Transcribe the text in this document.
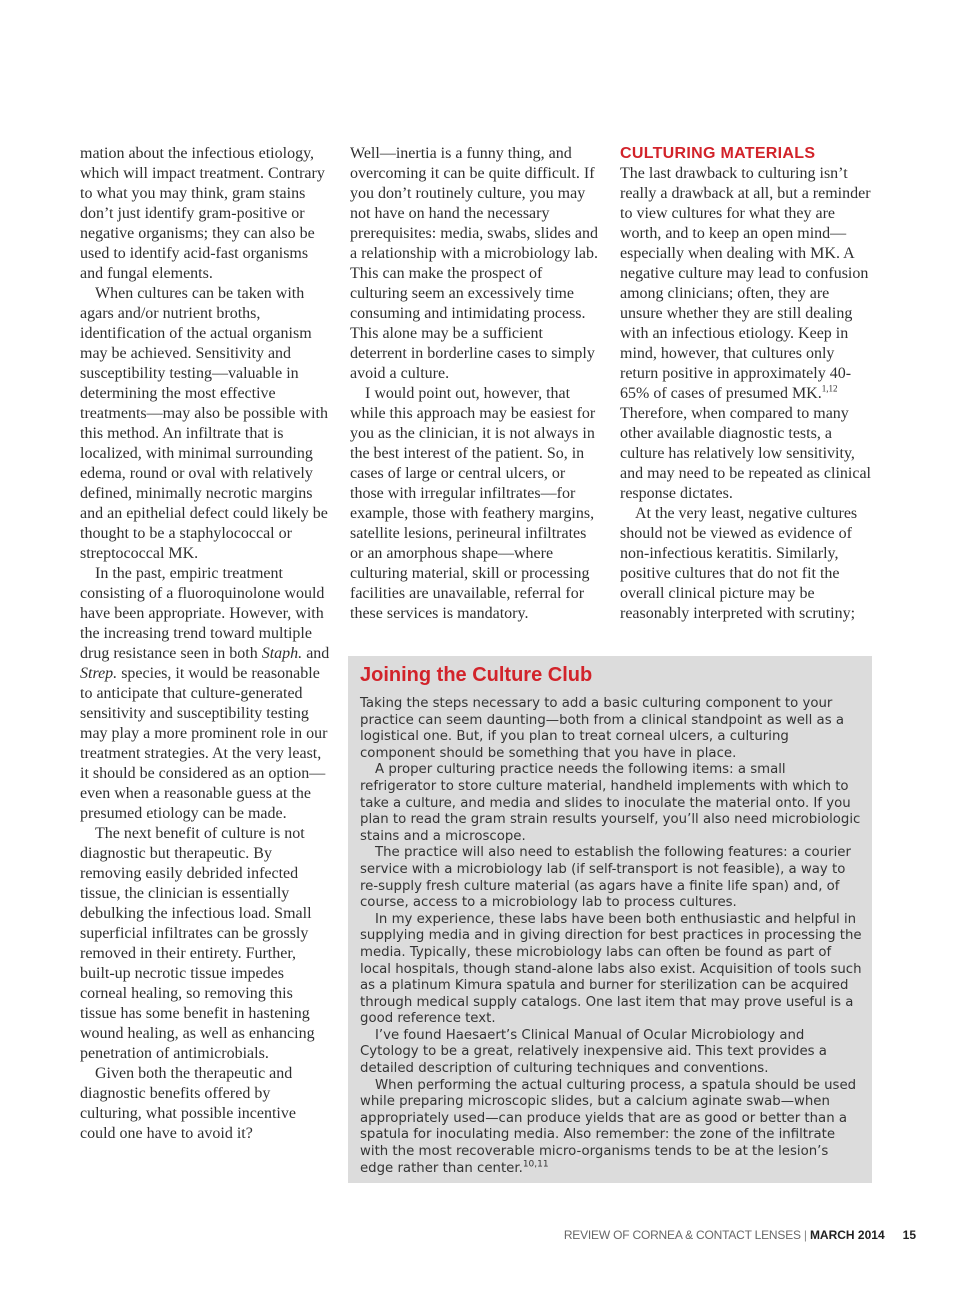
mation about the infectious etiology, which will impact treatment. Contrary to what you may think, gram stains don’t just identify gram-positive or negative organisms; they can also be used to identify acid-fast organisms and fungal elements.

When cultures can be taken with agars and/or nutrient broths, identification of the actual organism may be achieved. Sensitivity and susceptibility testing—valuable in determining the most effective treatments—may also be possible with this method. An infiltrate that is localized, with minimal surrounding edema, round or oval with relatively defined, minimally necrotic margins and an epithelial defect could likely be thought to be a staphylococcal or streptococcal MK.

In the past, empiric treatment consisting of a fluoroquinolone would have been appropriate. However, with the increasing trend toward multiple drug resistance seen in both Staph. and Strep. species, it would be reasonable to anticipate that culture-generated sensitivity and susceptibility testing may play a more prominent role in our treatment strategies. At the very least, it should be considered as an option—even when a reasonable guess at the presumed etiology can be made.

The next benefit of culture is not diagnostic but therapeutic. By removing easily debrided infected tissue, the clinician is essentially debulking the infectious load. Small superficial infiltrates can be grossly removed in their entirety. Further, built-up necrotic tissue impedes corneal healing, so removing this tissue has some benefit in hastening wound healing, as well as enhancing penetration of antimicrobials.

Given both the therapeutic and diagnostic benefits offered by culturing, what possible incentive could one have to avoid it?

Well—inertia is a funny thing, and overcoming it can be quite difficult. If you don’t routinely culture, you may not have on hand the necessary prerequisites: media, swabs, slides and a relationship with a microbiology lab. This can make the prospect of culturing seem an excessively time consuming and intimidating process. This alone may be a sufficient deterrent in borderline cases to simply avoid a culture.

I would point out, however, that while this approach may be easiest for you as the clinician, it is not always in the best interest of the patient. So, in cases of large or central ulcers, or those with irregular infiltrates—for example, those with feathery margins, satellite lesions, perineural infiltrates or an amorphous shape—where culturing material, skill or processing facilities are unavailable, referral for these services is mandatory.

CULTURING MATERIALS

The last drawback to culturing isn’t really a drawback at all, but a reminder to view cultures for what they are worth, and to keep an open mind—especially when dealing with MK. A negative culture may lead to confusion among clinicians; often, they are unsure whether they are still dealing with an infectious etiology. Keep in mind, however, that cultures only return positive in approximately 40-65% of cases of presumed MK.$^{1,12}$ Therefore, when compared to many other available diagnostic tests, a culture has relatively low sensitivity, and may need to be repeated as clinical response dictates.

At the very least, negative cultures should not be viewed as evidence of non-infectious keratitis. Similarly, positive cultures that do not fit the overall clinical picture may be reasonably interpreted with scrutiny;

Joining the Culture Club

Taking the steps necessary to add a basic culturing component to your practice can seem daunting—both from a clinical standpoint as well as a logistical one. But, if you plan to treat corneal ulcers, a culturing component should be something that you have in place.

A proper culturing practice needs the following items: a small refrigerator to store culture material, handheld implements with which to take a culture, and media and slides to inoculate the material onto. If you plan to read the gram strain results yourself, you’ll also need microbiologic stains and a microscope.

The practice will also need to establish the following features: a courier service with a microbiology lab (if self-transport is not feasible), a way to re-supply fresh culture material (as agars have a finite life span) and, of course, access to a microbiology lab to process cultures.

In my experience, these labs have been both enthusiastic and helpful in supplying media and in giving direction for best practices in processing the media. Typically, these microbiology labs can often be found as part of local hospitals, though stand-alone labs also exist. Acquisition of tools such as a platinum Kimura spatula and burner for sterilization can be acquired through medical supply catalogs. One last item that may prove useful is a good reference text.

I’ve found Haesaert’s Clinical Manual of Ocular Microbiology and Cytology to be a great, relatively inexpensive aid. This text provides a detailed description of culturing techniques and conventions.

When performing the actual culturing process, a spatula should be used while preparing microscopic slides, but a calcium aginate swab—when appropriately used—can produce yields that are as good or better than a spatula for inoculating media. Also remember: the zone of the infiltrate with the most recoverable micro-organisms tends to be at the lesion’s edge rather than center.$^{10,11}$

REVIEW OF CORNEA & CONTACT LENSES | MARCH 2014 15
